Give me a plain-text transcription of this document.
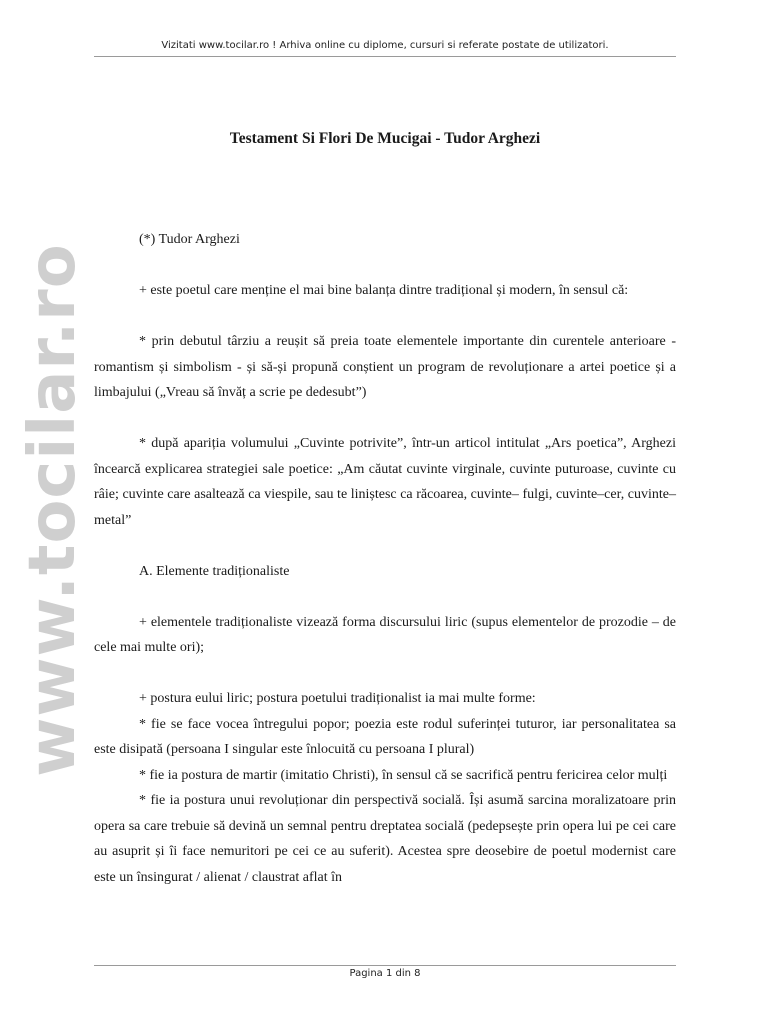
Vizitati www.tocilar.ro ! Arhiva online cu diplome, cursuri si referate postate de utilizatori.
www.tocilar.ro
Testament Si Flori De Mucigai - Tudor Arghezi

(*) Tudor Arghezi

+ este poetul care menține el mai bine balanța dintre tradițional și modern, în sensul că:

* prin debutul târziu a reușit să preia toate elementele importante din curentele anterioare - romantism și simbolism - și să-și propună conștient un program de revoluționare a artei poetice și a limbajului („Vreau să învăț a scrie pe dedesubt”)

* după apariția volumului „Cuvinte potrivite”, într-un articol intitulat „Ars poetica”, Arghezi încearcă explicarea strategiei sale poetice: „Am căutat cuvinte virginale, cuvinte puturoase, cuvinte cu râie; cuvinte care asaltează ca viespile, sau te liniștesc ca răcoarea, cuvinte– fulgi, cuvinte–cer, cuvinte–metal”

A. Elemente tradiționaliste

+ elementele tradiționaliste vizează forma discursului liric (supus elementelor de prozodie – de cele mai multe ori);

+ postura eului liric; postura poetului tradiționalist ia mai multe forme:

* fie se face vocea întregului popor; poezia este rodul suferinței tuturor, iar personalitatea sa este disipată (persoana I singular este înlocuită cu persoana I plural)

* fie ia postura de martir (imitatio Christi), în sensul că se sacrifică pentru fericirea celor mulți

* fie ia postura unui revoluționar din perspectivă socială. Își asumă sarcina moralizatoare prin opera sa care trebuie să devină un semnal pentru dreptatea socială (pedepsește prin opera lui pe cei care au asuprit și îi face nemuritori pe cei ce au suferit). Acestea spre deosebire de poetul modernist care este un însingurat / alienat / claustrat aflat în

Pagina 1 din 8
